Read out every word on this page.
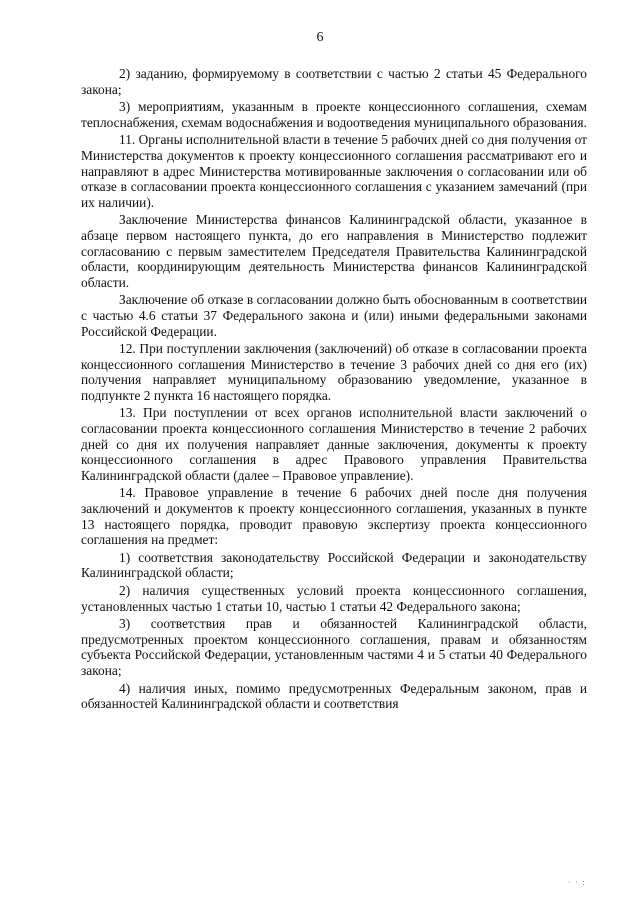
6

2) заданию, формируемому в соответствии с частью 2 статьи 45 Федерального закона;

3) мероприятиям, указанным в проекте концессионного соглашения, схемам теплоснабжения, схемам водоснабжения и водоотведения муниципального образования.

11. Органы исполнительной власти в течение 5 рабочих дней со дня получения от Министерства документов к проекту концессионного соглашения рассматривают его и направляют в адрес Министерства мотивированные заключения о согласовании или об отказе в согласовании проекта концессионного соглашения с указанием замечаний (при их наличии).

Заключение Министерства финансов Калининградской области, указанное в абзаце первом настоящего пункта, до его направления в Министерство подлежит согласованию с первым заместителем Председателя Правительства Калининградской области, координирующим деятельность Министерства финансов Калининградской области.

Заключение об отказе в согласовании должно быть обоснованным в соответствии с частью 4.6 статьи 37 Федерального закона и (или) иными федеральными законами Российской Федерации.

12. При поступлении заключения (заключений) об отказе в согласовании проекта концессионного соглашения Министерство в течение 3 рабочих дней со дня его (их) получения направляет муниципальному образованию уведомление, указанное в подпункте 2 пункта 16 настоящего порядка.

13. При поступлении от всех органов исполнительной власти заключений о согласовании проекта концессионного соглашения Министерство в течение 2 рабочих дней со дня их получения направляет данные заключения, документы к проекту концессионного соглашения в адрес Правового управления Правительства Калининградской области (далее – Правовое управление).

14. Правовое управление в течение 6 рабочих дней после дня получения заключений и документов к проекту концессионного соглашения, указанных в пункте 13 настоящего порядка, проводит правовую экспертизу проекта концессионного соглашения на предмет:

1) соответствия законодательству Российской Федерации и законодательству Калининградской области;

2) наличия существенных условий проекта концессионного соглашения, установленных частью 1 статьи 10, частью 1 статьи 42 Федерального закона;

3) соответствия прав и обязанностей Калининградской области, предусмотренных проектом концессионного соглашения, правам и обязанностям субъекта Российской Федерации, установленным частями 4 и 5 статьи 40 Федерального закона;

4) наличия иных, помимо предусмотренных Федеральным законом, прав и обязанностей Калининградской области и соответствия

· · :
